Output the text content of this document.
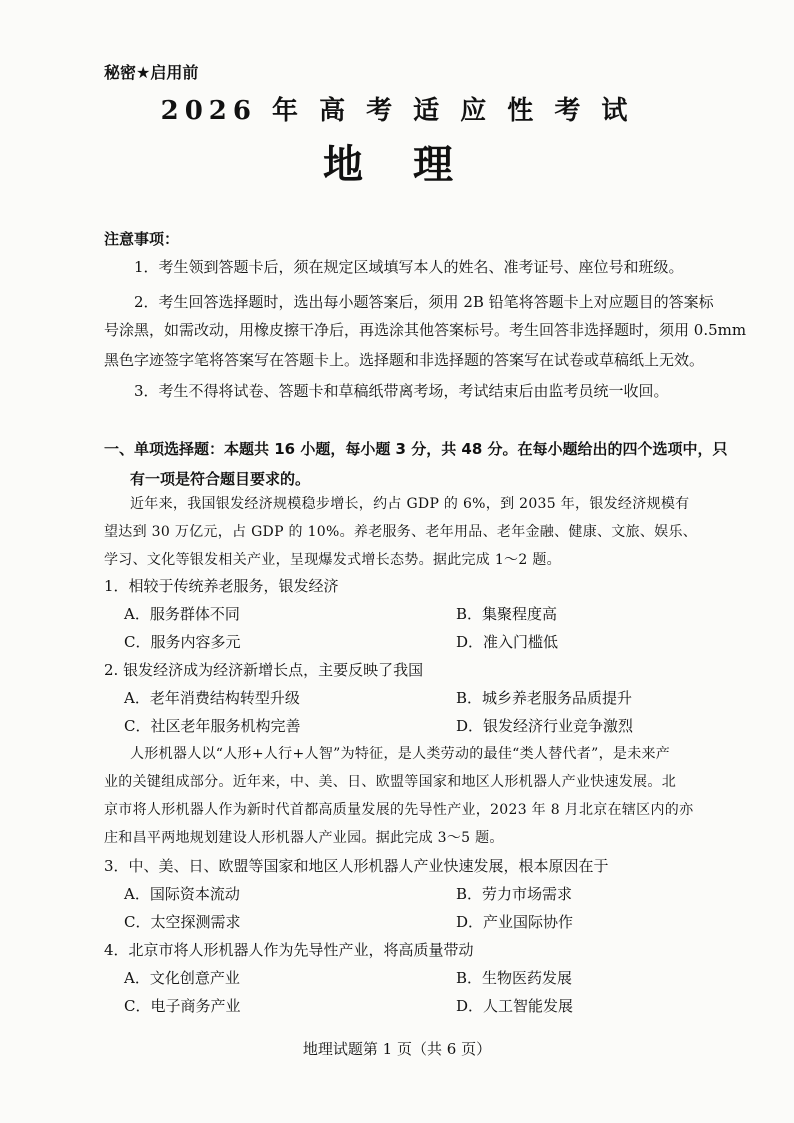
秘密★启用前
2026 年 高 考 适 应 性 考 试
地 理
注意事项：
1．考生领到答题卡后，须在规定区域填写本人的姓名、准考证号、座位号和班级。
2．考生回答选择题时，选出每小题答案后，须用 2B 铅笔将答题卡上对应题目的答案标
号涂黑，如需改动，用橡皮擦干净后，再选涂其他答案标号。考生回答非选择题时，须用 0.5mm
黑色字迹签字笔将答案写在答题卡上。选择题和非选择题的答案写在试卷或草稿纸上无效。
3．考生不得将试卷、答题卡和草稿纸带离考场，考试结束后由监考员统一收回。
一、单项选择题：本题共 16 小题，每小题 3 分，共 48 分。在每小题给出的四个选项中，只
有一项是符合题目要求的。
近年来，我国银发经济规模稳步增长，约占 GDP 的 6%，到 2035 年，银发经济规模有
望达到 30 万亿元，占 GDP 的 10%。养老服务、老年用品、老年金融、健康、文旅、娱乐、
学习、文化等银发相关产业，呈现爆发式增长态势。据此完成 1～2 题。
1．相较于传统养老服务，银发经济
A．服务群体不同	B．集聚程度高
C．服务内容多元	D．准入门槛低
2. 银发经济成为经济新增长点，主要反映了我国
A．老年消费结构转型升级	B．城乡养老服务品质提升
C．社区老年服务机构完善	D．银发经济行业竞争激烈
人形机器人以“人形+人行+人智”为特征，是人类劳动的最佳“类人替代者”，是未来产
业的关键组成部分。近年来，中、美、日、欧盟等国家和地区人形机器人产业快速发展。北
京市将人形机器人作为新时代首都高质量发展的先导性产业，2023 年 8 月北京在辖区内的亦
庄和昌平两地规划建设人形机器人产业园。据此完成 3～5 题。
3．中、美、日、欧盟等国家和地区人形机器人产业快速发展，根本原因在于
A．国际资本流动	B．劳力市场需求
C．太空探测需求	D．产业国际协作
4．北京市将人形机器人作为先导性产业，将高质量带动
A．文化创意产业	B．生物医药发展
C．电子商务产业	D．人工智能发展
地理试题第 1 页（共 6 页）
